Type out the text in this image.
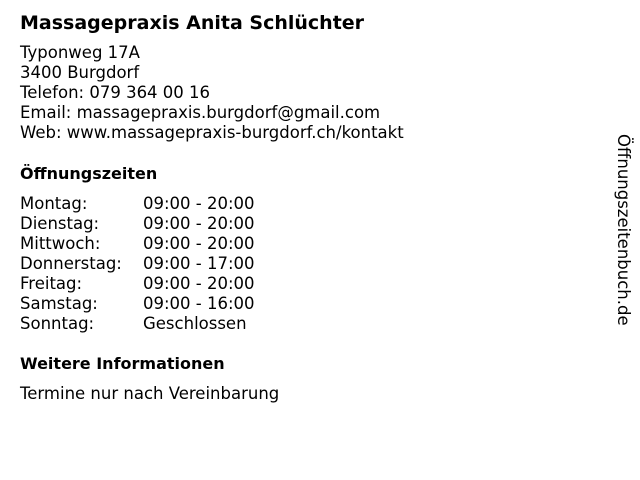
Massagepraxis Anita Schlüchter
Typonweg 17A
3400 Burgdorf
Telefon: 079 364 00 16
Email: massagepraxis.burgdorf@gmail.com
Web: www.massagepraxis-burgdorf.ch/kontakt
Öffnungszeiten
Montag:	09:00 - 20:00
Dienstag:	09:00 - 20:00
Mittwoch:	09:00 - 20:00
Donnerstag:	09:00 - 17:00
Freitag:	09:00 - 20:00
Samstag:	09:00 - 16:00
Sonntag:	Geschlossen
Weitere Informationen
Termine nur nach Vereinbarung
Öffnungszeitenbuch.de
